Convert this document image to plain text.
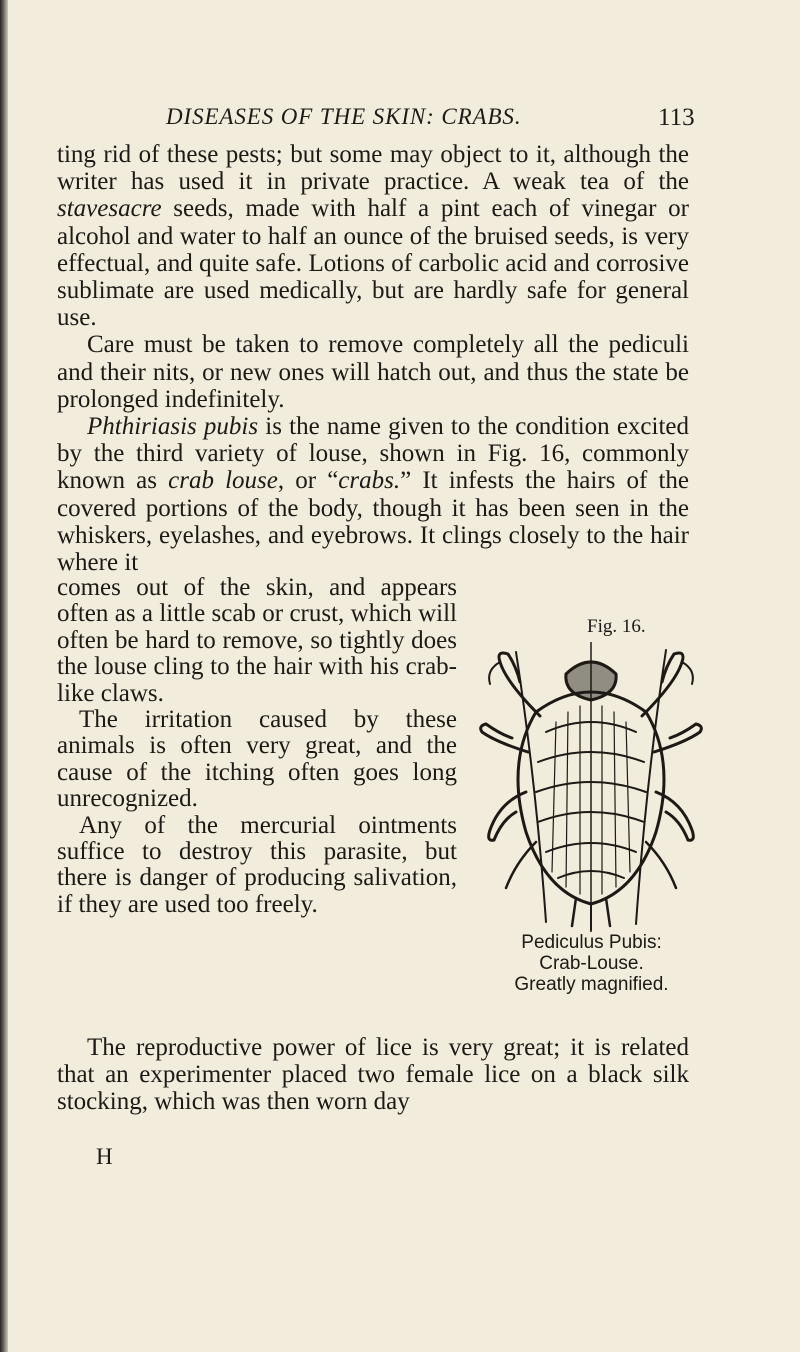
DISEASES OF THE SKIN: CRABS.	113

ting rid of these pests; but some may object to it, although the writer has used it in private practice. A weak tea of the stavesacre seeds, made with half a pint each of vinegar or alcohol and water to half an ounce of the bruised seeds, is very effectual, and quite safe. Lotions of carbolic acid and corrosive sublimate are used medically, but are hardly safe for general use.

Care must be taken to remove completely all the pediculi and their nits, or new ones will hatch out, and thus the state be prolonged indefinitely.

Phthiriasis pubis is the name given to the condition excited by the third variety of louse, shown in Fig. 16, commonly known as crab louse, or “crabs.” It infests the hairs of the covered portions of the body, though it has been seen in the whiskers, eyelashes, and eyebrows. It clings closely to the hair where it

comes out of the skin, and appears often as a little scab or crust, which will often be hard to remove, so tightly does the louse cling to the hair with his crab-like claws.

The irritation caused by these animals is often very great, and the cause of the itching often goes long unrecognized.

Any of the mercurial ointments suffice to destroy this parasite, but there is danger of producing salivation, if they are used too freely.

Fig. 16.
Pediculus Pubis:
Crab-Louse.
Greatly magnified.

The reproductive power of lice is very great; it is related that an experimenter placed two female lice on a black silk stocking, which was then worn day

H
